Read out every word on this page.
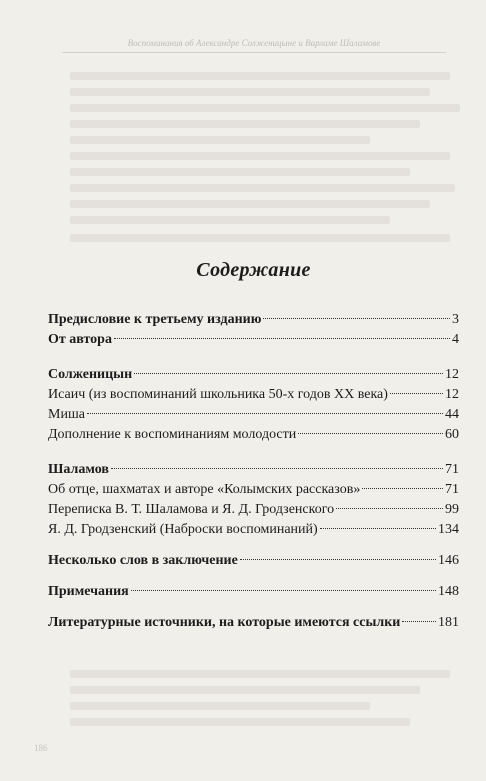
Воспоминания об Александре Солженицыне и Варламе Шаламове
Содержание
Предисловие к третьему изданию	3
От автора	4
Солженицын	12
Исаич (из воспоминаний школьника 50-х годов XX века)	12
Миша	44
Дополнение к воспоминаниям молодости	60
Шаламов	71
Об отце, шахматах и авторе «Колымских рассказов»	71
Переписка В. Т. Шаламова и Я. Д. Гродзенского	99
Я. Д. Гродзенский (Наброски воспоминаний)	134
Несколько слов в заключение	146
Примечания	148
Литературные источники, на которые имеются ссылки	181
186
